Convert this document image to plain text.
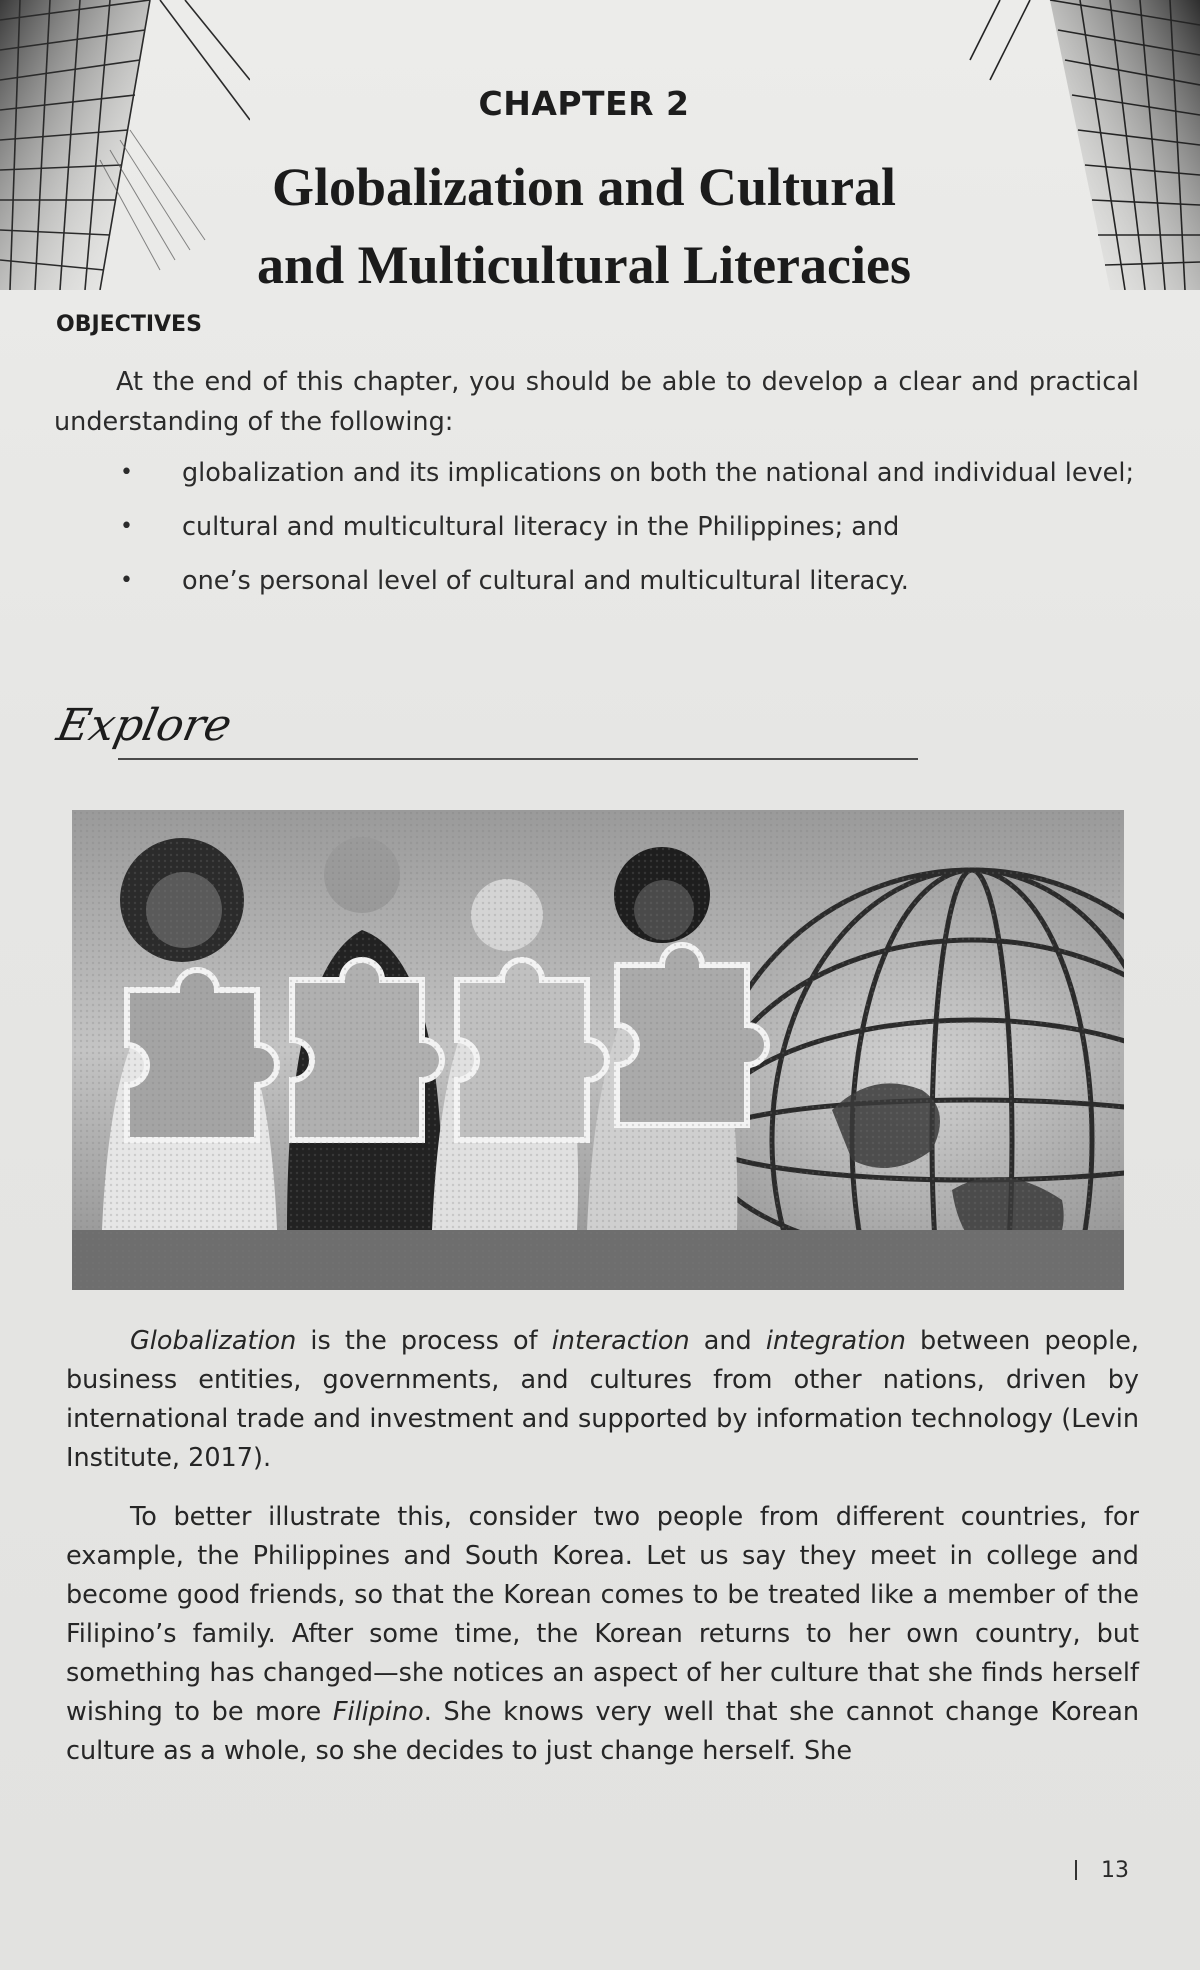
CHAPTER 2
Globalization and Cultural
and Multicultural Literacies
OBJECTIVES
At the end of this chapter, you should be able to develop a clear and practical understanding of the following:
• globalization and its implications on both the national and individual level;
• cultural and multicultural literacy in the Philippines; and
• one’s personal level of cultural and multicultural literacy.
Explore
Globalization is the process of interaction and integration between people, business entities, governments, and cultures from other nations, driven by international trade and investment and supported by information technology (Levin Institute, 2017).
To better illustrate this, consider two people from different countries, for example, the Philippines and South Korea. Let us say they meet in college and become good friends, so that the Korean comes to be treated like a member of the Filipino’s family. After some time, the Korean returns to her own country, but something has changed—she notices an aspect of her culture that she finds herself wishing to be more Filipino. She knows very well that she cannot change Korean culture as a whole, so she decides to just change herself. She
13
